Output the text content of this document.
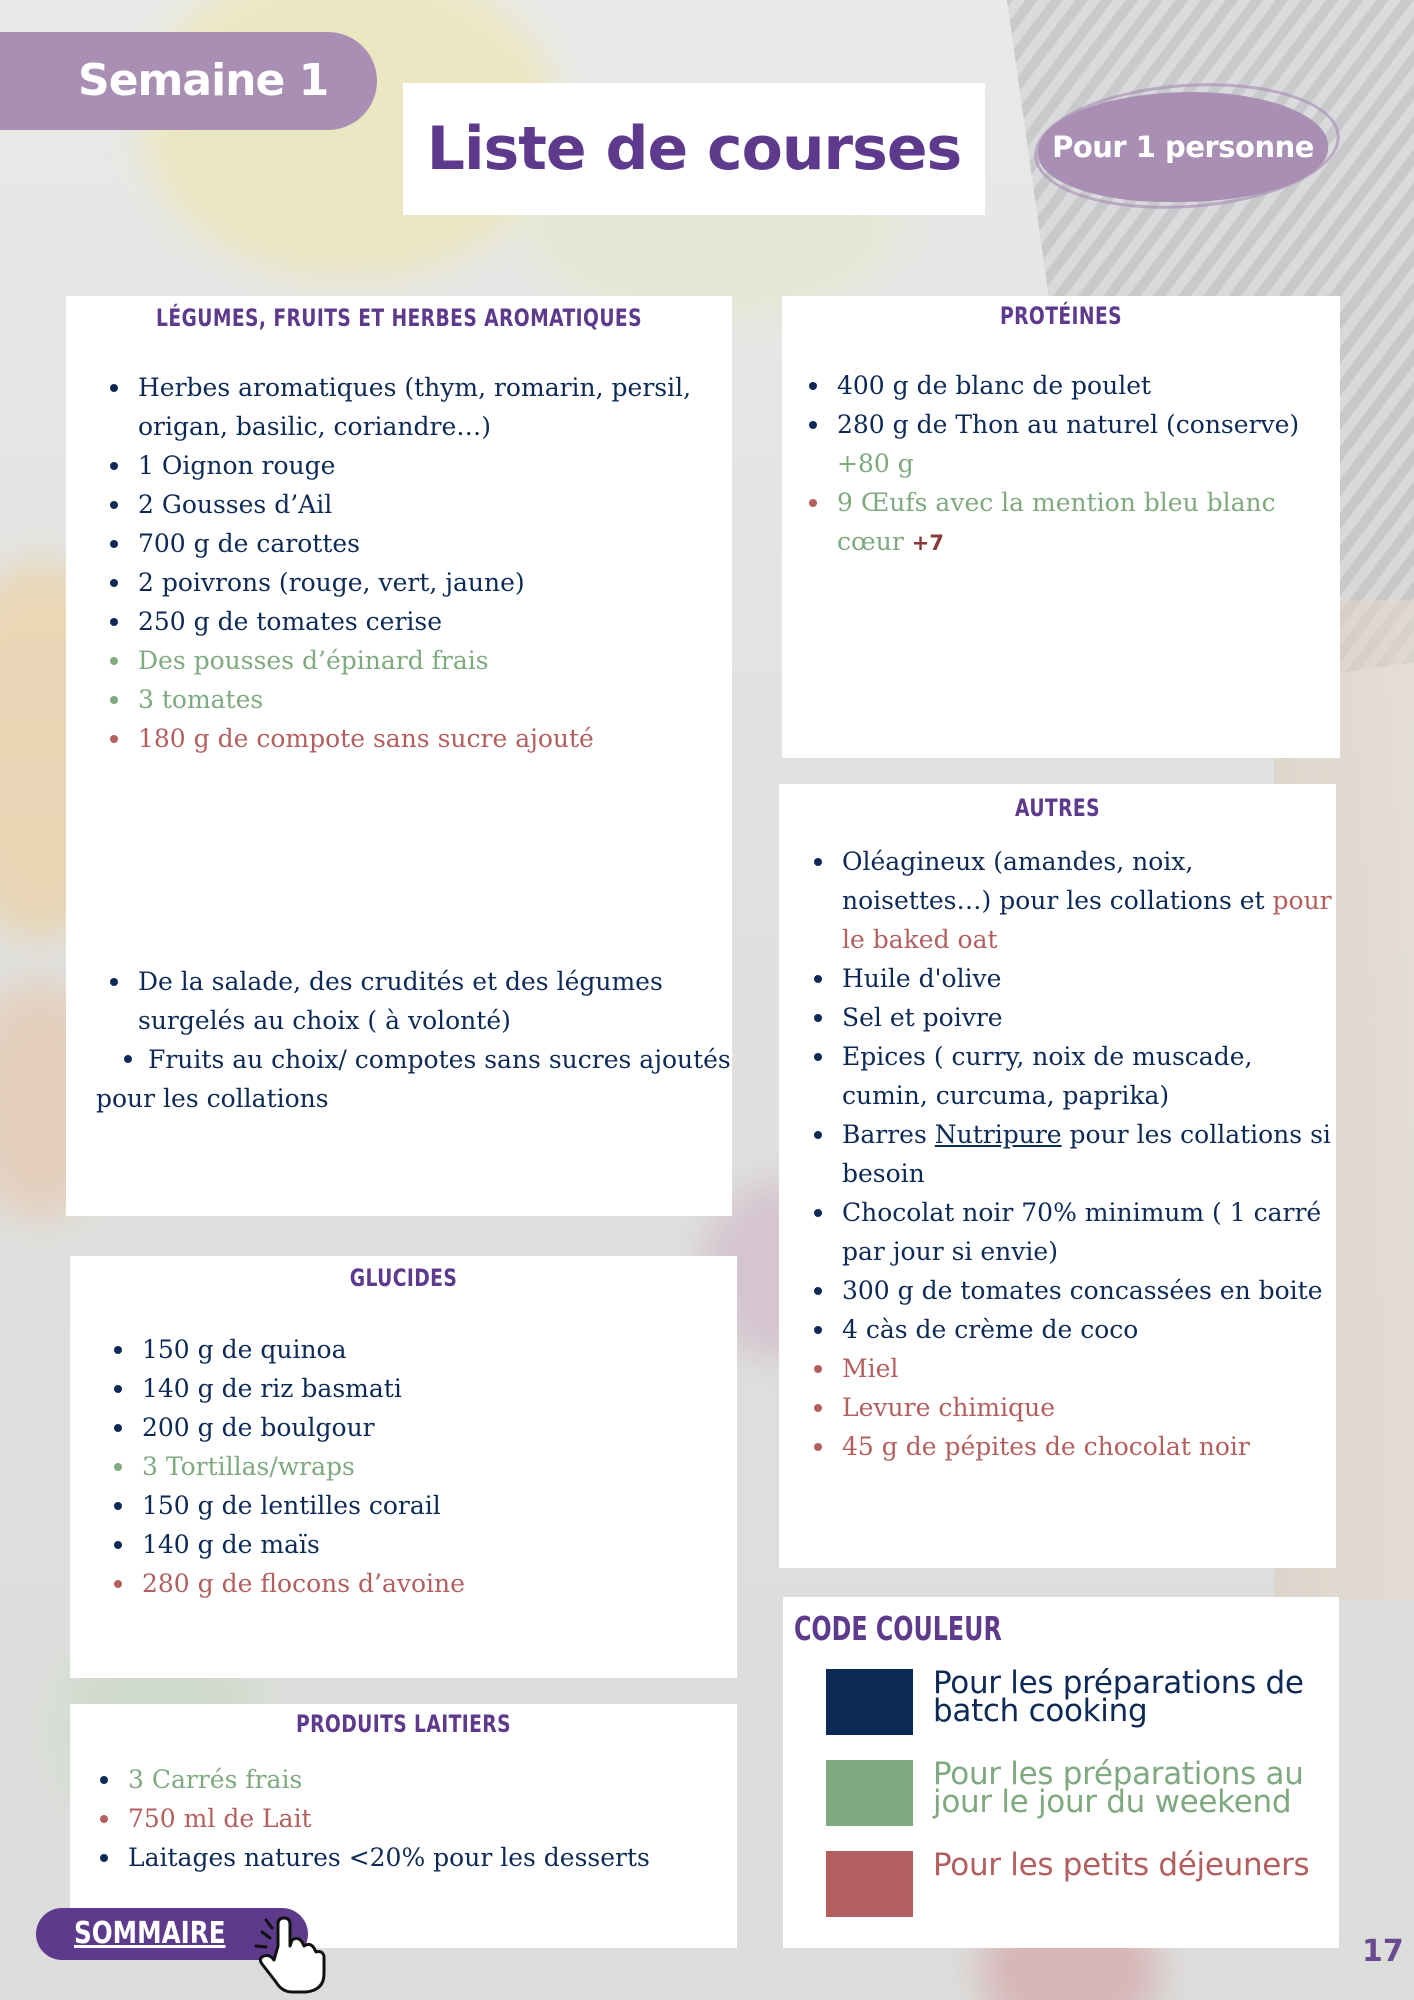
Semaine 1
Liste de courses	Pour 1 personne
LÉGUMES, FRUITS ET HERBES AROMATIQUES
Herbes aromatiques (thym, romarin, persil, origan, basilic, coriandre…)
1 Oignon rouge
2 Gousses d’Ail
700 g de carottes
2 poivrons (rouge, vert, jaune)
250 g de tomates cerise
Des pousses d’épinard frais
3 tomates
180 g de compote sans sucre ajouté
De la salade, des crudités et des légumes surgelés au choix ( à volonté)

Fruits au choix/ compotes sans sucres ajoutés pour les collations

PROTÉINES
400 g de blanc de poulet
280 g de Thon au naturel (conserve)
+80 g
9 Œufs avec la mention bleu blanc cœur +7
AUTRES
Oléagineux (amandes, noix, noisettes…) pour les collations et pour le baked oat
Huile d'olive
Sel et poivre
Epices ( curry, noix de muscade, cumin, curcuma, paprika)
Barres Nutripure pour les collations si besoin
Chocolat noir 70% minimum ( 1 carré par jour si envie)
300 g de tomates concassées en boite
4 càs de crème de coco
Miel
Levure chimique
45 g de pépites de chocolat noir
GLUCIDES
150 g de quinoa
140 g de riz basmati
200 g de boulgour
3 Tortillas/wraps
150 g de lentilles corail
140 g de maïs
280 g de flocons d’avoine
PRODUITS LAITIERS
3 Carrés frais
750 ml de Lait
Laitages natures <20% pour les desserts
CODE COULEUR
Pour les préparations de batch cooking
Pour les préparations au jour le jour du weekend
Pour les petits déjeuners
SOMMAIRE
17
